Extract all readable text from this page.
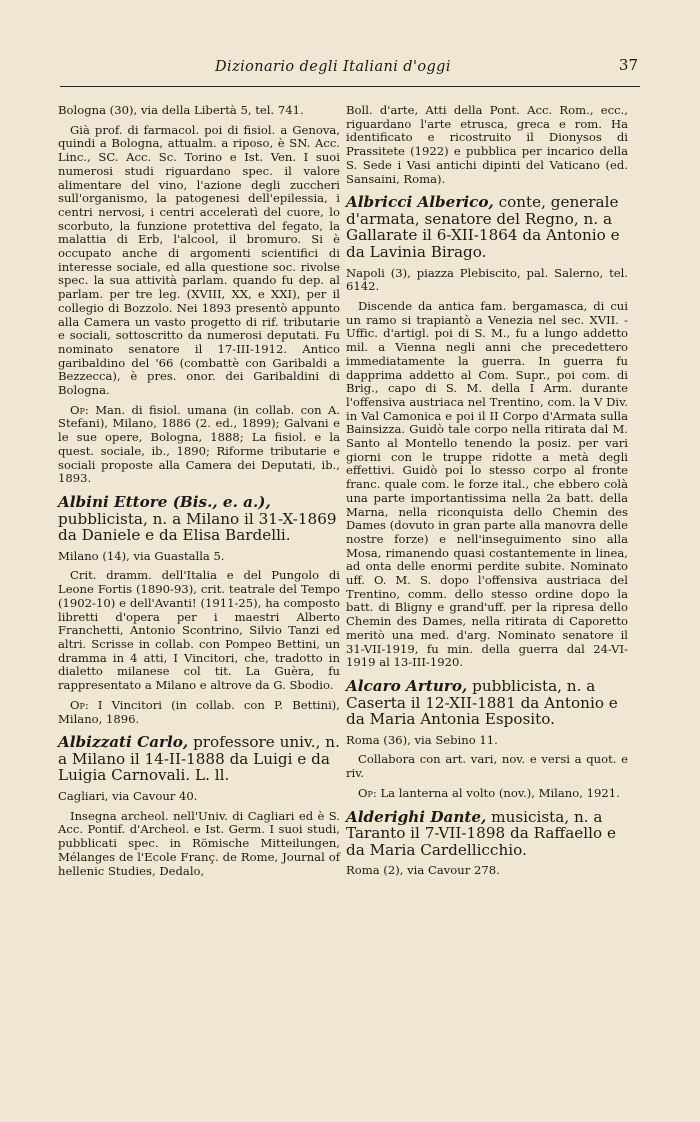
Dizionario degli Italiani d'oggi	37

Bologna (30), via della Libertà 5, tel. 741.

Già prof. di farmacol. poi di fisiol. a Genova, quindi a Bologna, attualm. a riposo, è SN. Acc. Linc., SC. Acc. Sc. Torino e Ist. Ven. I suoi numerosi studi riguardano spec. il valore alimentare del vino, l'azione degli zuccheri sull'organismo, la patogenesi dell'epilessia, i centri nervosi, i centri acceleratì del cuore, lo scorbuto, la funzione protettiva del fegato, la malattia di Erb, l'alcool, il bromuro. Si è occupato anche di argomenti scientifici di interesse sociale, ed alla questione soc. rivolse spec. la sua attività parlam. quando fu dep. al parlam. per tre leg. (XVIII, XX, e XXI), per il collegio di Bozzolo. Nei 1893 presentò appunto alla Camera un vasto progetto di rif. tributarie e sociali, sottoscritto da numerosi deputati. Fu nominato senatore il 17-III-1912. Antico garibaldino del '66 (combattè con Garibaldi a Bezzecca), è pres. onor. dei Garibaldini di Bologna.

Op: Man. di fisiol. umana (in collab. con A. Stefani), Milano, 1886 (2. ed., 1899); Galvani e le sue opere, Bologna, 1888; La fisiol. e la quest. sociale, ib., 1890; Riforme tributarie e sociali proposte alla Camera dei Deputati, ib., 1893.

Albini Ettore (Bis., e. a.), pubblicista, n. a Milano il 31-X-1869 da Daniele e da Elisa Bardelli.

Milano (14), via Guastalla 5.

Crit. dramm. dell'Italia e del Pungolo di Leone Fortis (1890-93), crit. teatrale del Tempo (1902-10) e dell'Avanti! (1911-25), ha composto libretti d'opera per i maestri Alberto Franchetti, Antonio Scontrino, Silvio Tanzi ed altri. Scrisse in collab. con Pompeo Bettini, un dramma in 4 atti, I Vincitori, che, tradotto in dialetto milanese col tit. La Guèra, fu rappresentato a Milano e altrove da G. Sbodio.

Op: I Vincitori (in collab. con P. Bettini), Milano, 1896.

Albizzati Carlo, professore univ., n. a Milano il 14-II-1888 da Luigi e da Luigia Carnovali. L. ll.

Cagliari, via Cavour 40.

Insegna archeol. nell'Univ. di Cagliari ed è S. Acc. Pontif. d'Archeol. e Ist. Germ. I suoi studi, pubblicati spec. in Römische Mitteilungen, Mélanges de l'Ecole Franç. de Rome, Journal of hellenic Studies, Dedalo,

Boll. d'arte, Atti della Pont. Acc. Rom., ecc., riguardano l'arte etrusca, greca e rom. Ha identificato e ricostruito il Dionysos di Prassitete (1922) e pubblica per incarico della S. Sede i Vasi antichi dipinti del Vaticano (ed. Sansaini, Roma).

Albricci Alberico, conte, generale d'armata, senatore del Regno, n. a Gallarate il 6-XII-1864 da Antonio e da Lavinia Birago.

Napoli (3), piazza Plebiscito, pal. Salerno, tel. 6142.

Discende da antica fam. bergamasca, di cui un ramo si trapiantò a Venezia nel sec. XVII. - Uffic. d'artigl. poi di S. M., fu a lungo addetto mil. a Vienna negli anni che precedettero immediatamente la guerra. In guerra fu dapprima addetto al Com. Supr., poi com. di Brig., capo di S. M. della I Arm. durante l'offensiva austriaca nel Trentino, com. la V Div. in Val Camonica e poi il II Corpo d'Armata sulla Bainsizza. Guidò tale corpo nella ritirata dal M. Santo al Montello tenendo la posiz. per vari giorni con le truppe ridotte a metà degli effettivi. Guidò poi lo stesso corpo al fronte franc. quale com. le forze ital., che ebbero colà una parte importantissima nella 2a batt. della Marna, nella riconquista dello Chemin des Dames (dovuto in gran parte alla manovra delle nostre forze) e nell'inseguimento sino alla Mosa, rimanendo quasi costantemente in linea, ad onta delle enormi perdite subite. Nominato uff. O. M. S. dopo l'offensiva austriaca del Trentino, comm. dello stesso ordine dopo la batt. di Bligny e grand'uff. per la ripresa dello Chemin des Dames, nella ritirata di Caporetto meritò una med. d'arg. Nominato senatore il 31-VII-1919, fu min. della guerra dal 24-VI-1919 al 13-III-1920.

Alcaro Arturo, pubblicista, n. a Caserta il 12-XII-1881 da Antonio e da Maria Antonia Esposito.

Roma (36), via Sebino 11.

Collabora con art. vari, nov. e versi a quot. e riv.

Op: La lanterna al volto (nov.), Milano, 1921.

Alderighi Dante, musicista, n. a Taranto il 7-VII-1898 da Raffaello e da Maria Cardellicchio.

Roma (2), via Cavour 278.
